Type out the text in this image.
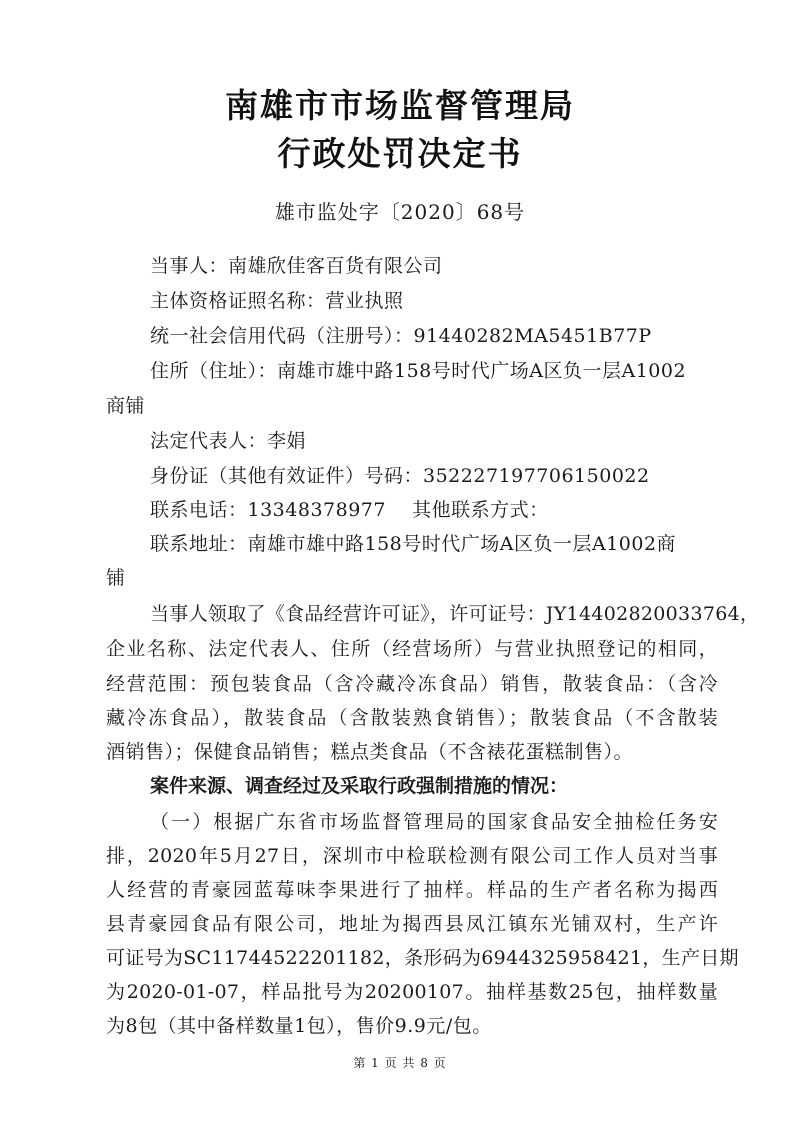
南雄市市场监督管理局
行政处罚决定书
雄市监处字〔2020〕68号
当事人：南雄欣佳客百货有限公司
主体资格证照名称：营业执照
统一社会信用代码（注册号）：91440282MA5451B77P
住所（住址）：南雄市雄中路158号时代广场A区负一层A1002
商铺
法定代表人：李娟
身份证（其他有效证件）号码：352227197706150022
联系电话：13348378977    其他联系方式：
联系地址：南雄市雄中路158号时代广场A区负一层A1002商
铺
当事人领取了《食品经营许可证》，许可证号：JY14402820033764，
企业名称、法定代表人、住所（经营场所）与营业执照登记的相同，
经营范围：预包装食品（含冷藏冷冻食品）销售，散装食品：（含冷
藏冷冻食品），散装食品（含散装熟食销售）；散装食品（不含散装
酒销售）；保健食品销售；糕点类食品（不含裱花蛋糕制售）。
案件来源、调查经过及采取行政强制措施的情况：
（一）根据广东省市场监督管理局的国家食品安全抽检任务安
排，2020年5月27日，深圳市中检联检测有限公司工作人员对当事
人经营的青豪园蓝莓味李果进行了抽样。样品的生产者名称为揭西
县青豪园食品有限公司，地址为揭西县凤江镇东光铺双村，生产许
可证号为SC11744522201182，条形码为6944325958421，生产日期
为2020-01-07，样品批号为20200107。抽样基数25包，抽样数量
为8包（其中备样数量1包），售价9.9元/包。
第 1 页 共 8 页
